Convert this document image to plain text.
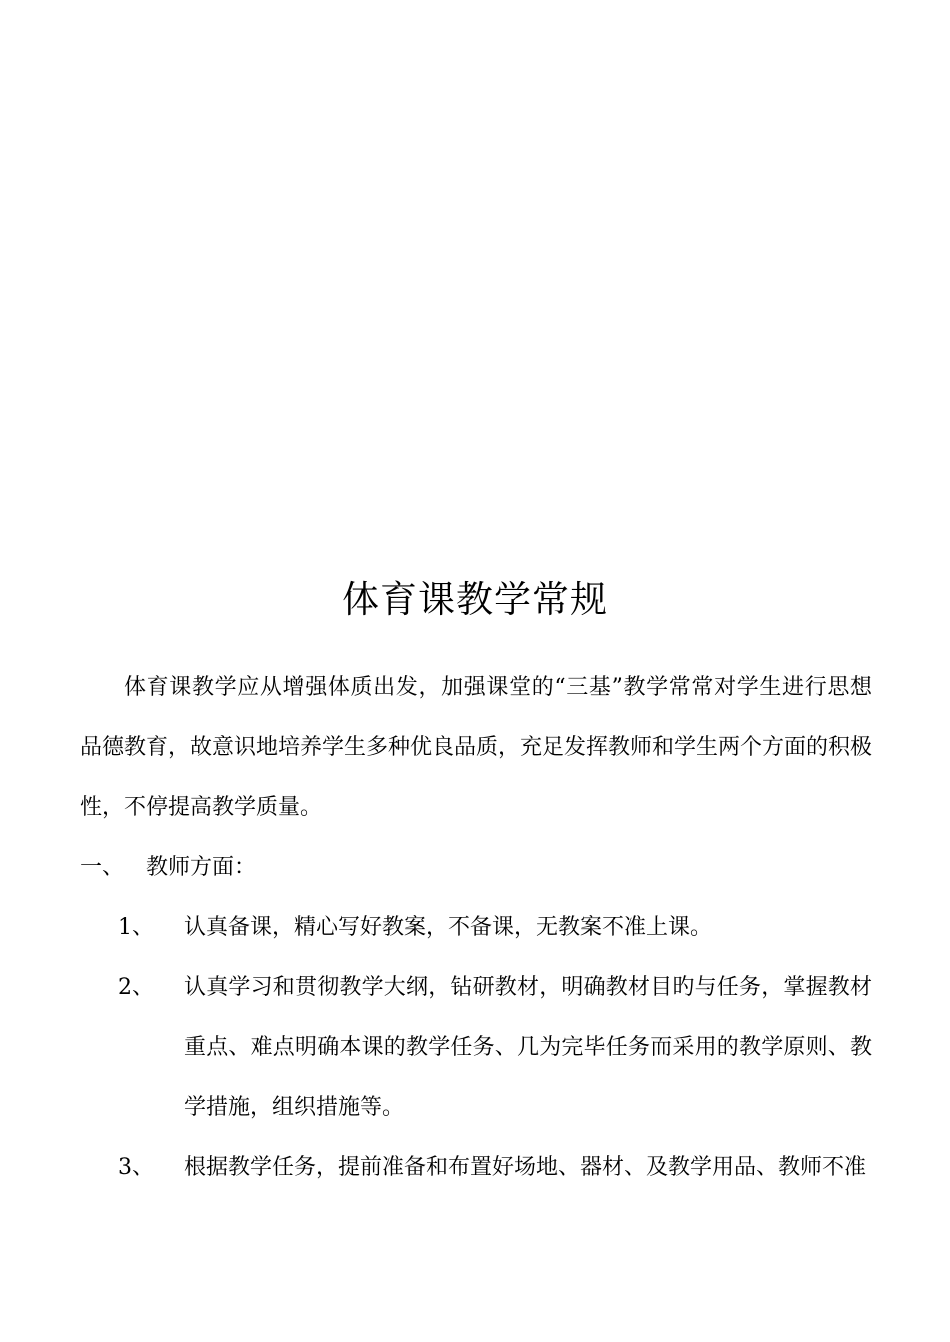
体育课教学常规
体育课教学应从增强体质出发，加强课堂的“三基”教学常常对学生进行思想品德教育，故意识地培养学生多种优良品质，充足发挥教师和学生两个方面的积极性，不停提高教学质量。
一、 教师方面：
1、 认真备课，精心写好教案，不备课，无教案不准上课。
2、 认真学习和贯彻教学大纲，钻研教材，明确教材目旳与任务，掌握教材重点、难点明确本课的教学任务、几为完毕任务而采用的教学原则、教学措施，组织措施等。
3、 根据教学任务，提前准备和布置好场地、器材、及教学用品、教师不准
